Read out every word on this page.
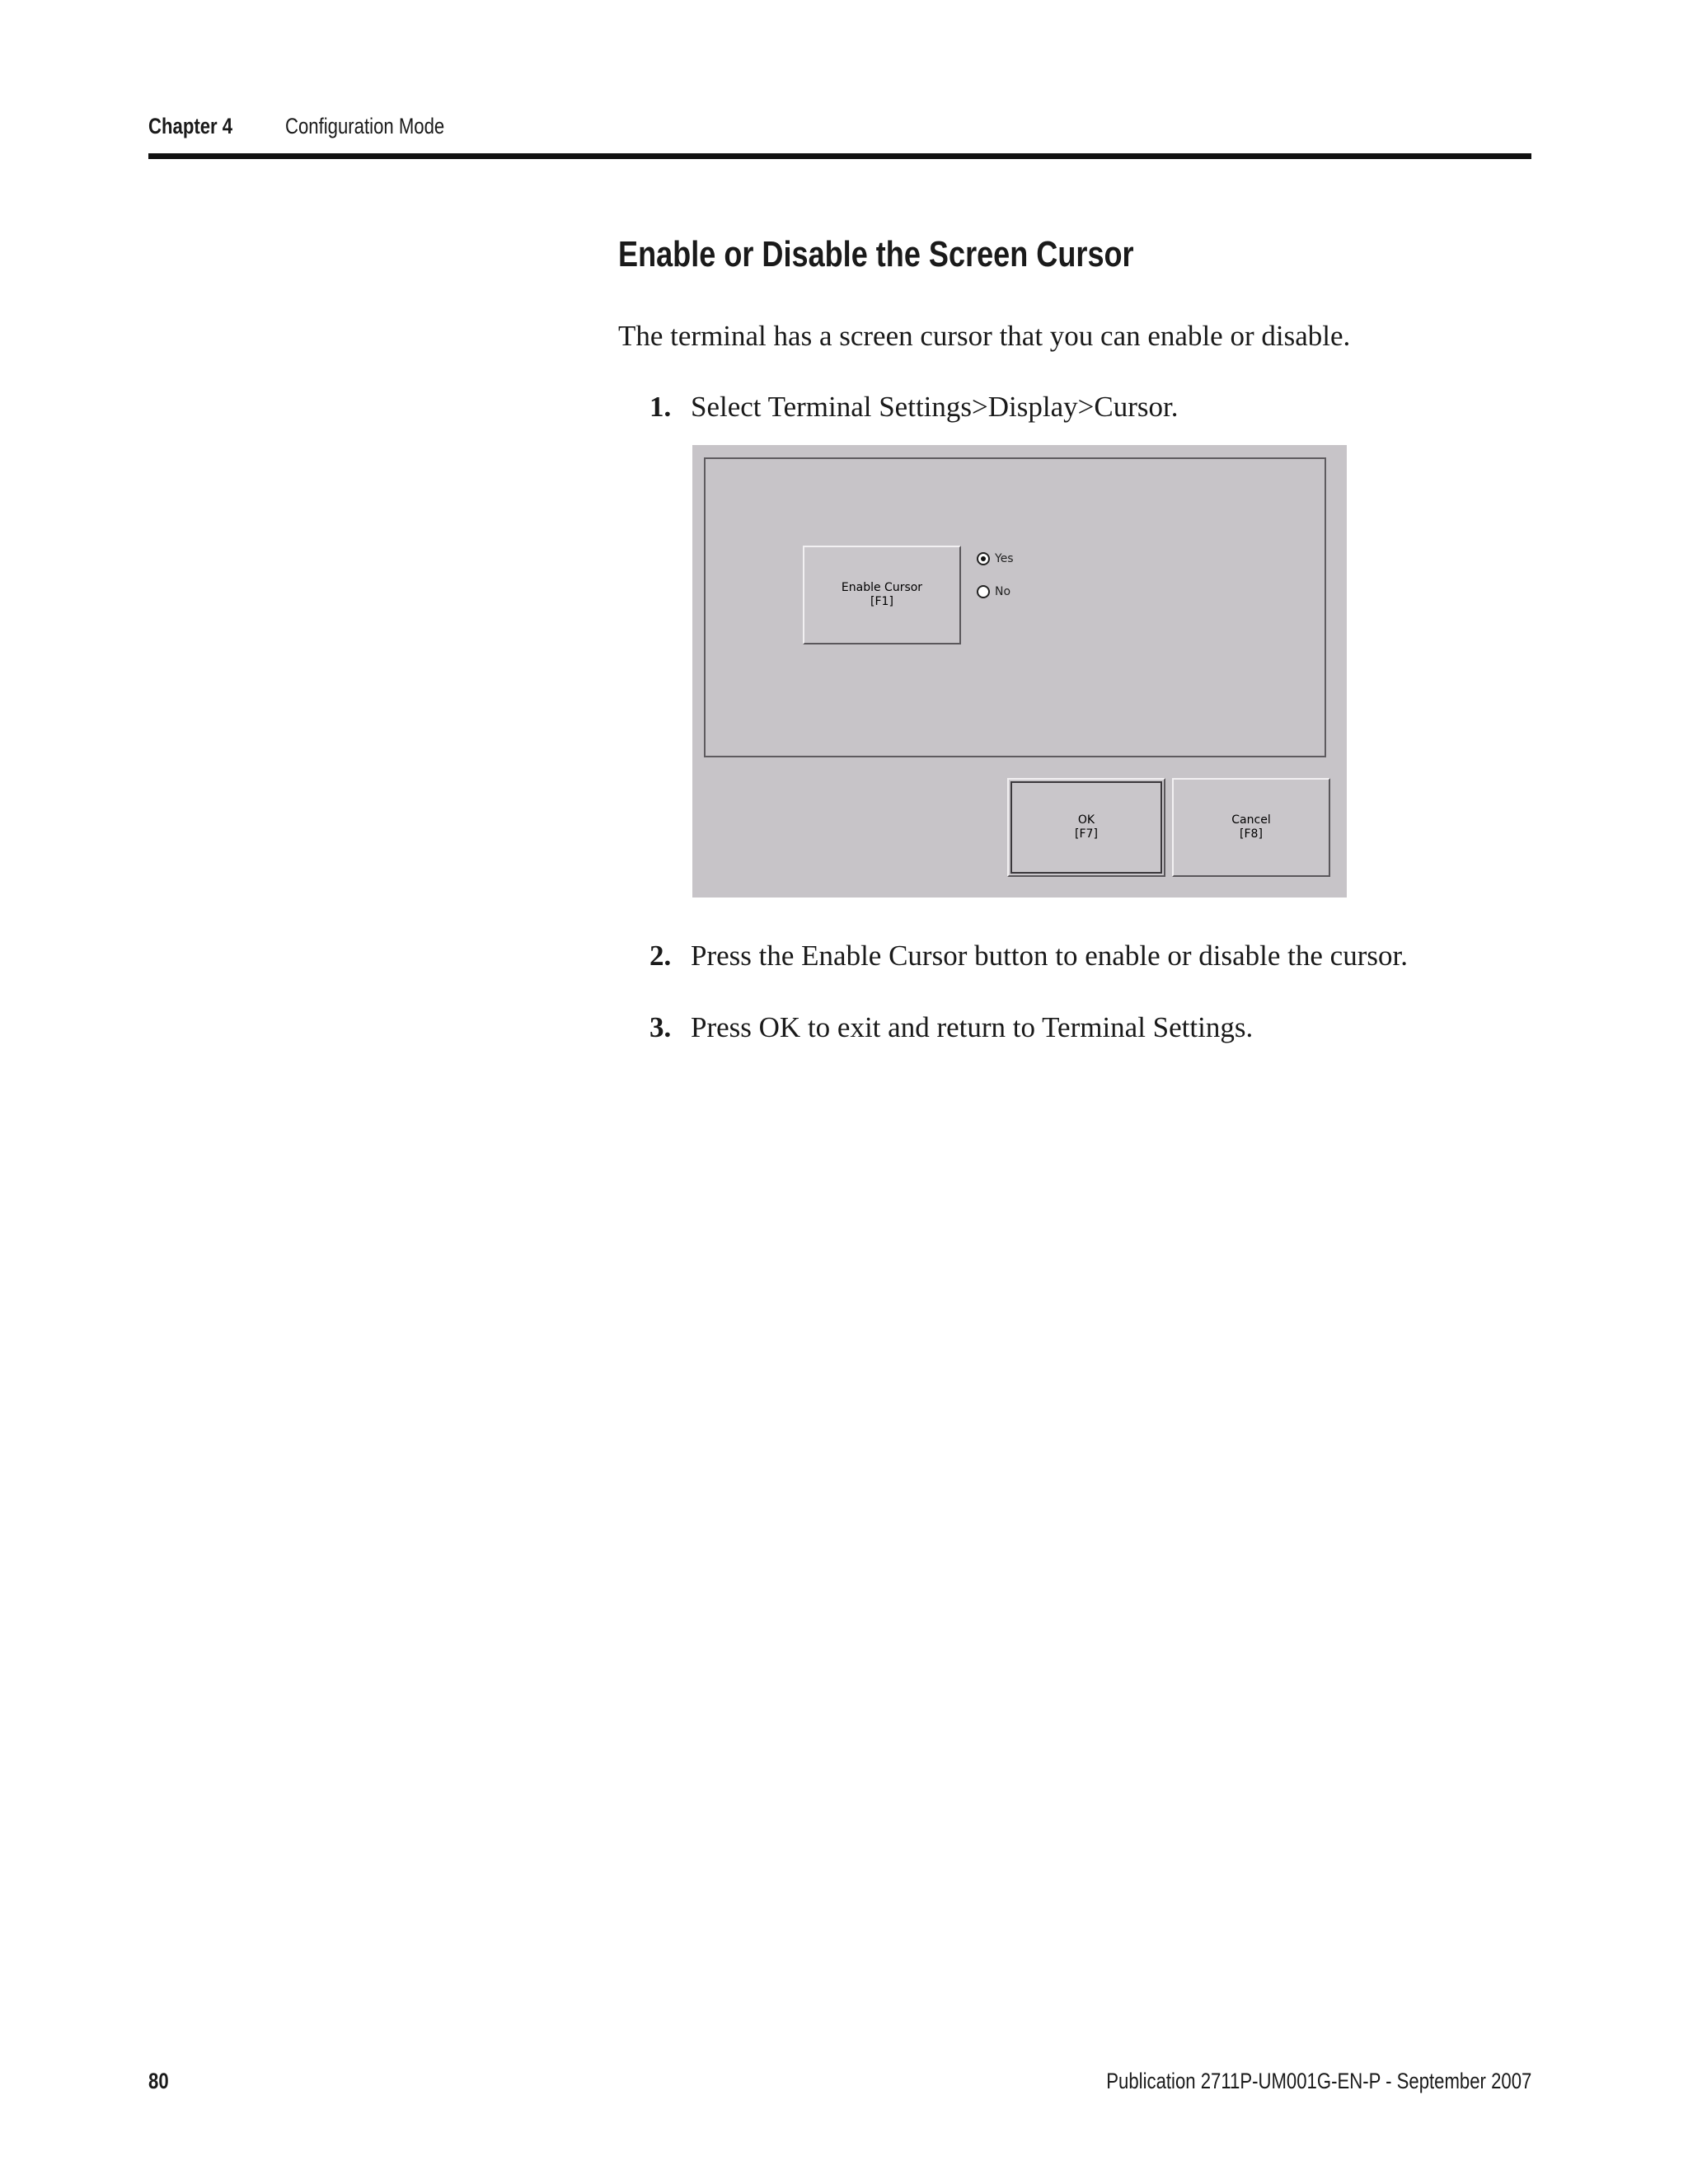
Chapter 4 Configuration Mode
Enable or Disable the Screen Cursor
The terminal has a screen cursor that you can enable or disable.
1. Select Terminal Settings>Display>Cursor.
Enable Cursor
[F1]
Yes
No
OK
[F7]
Cancel
[F8]
2. Press the Enable Cursor button to enable or disable the cursor.
3. Press OK to exit and return to Terminal Settings.
80	Publication 2711P-UM001G-EN-P - September 2007
